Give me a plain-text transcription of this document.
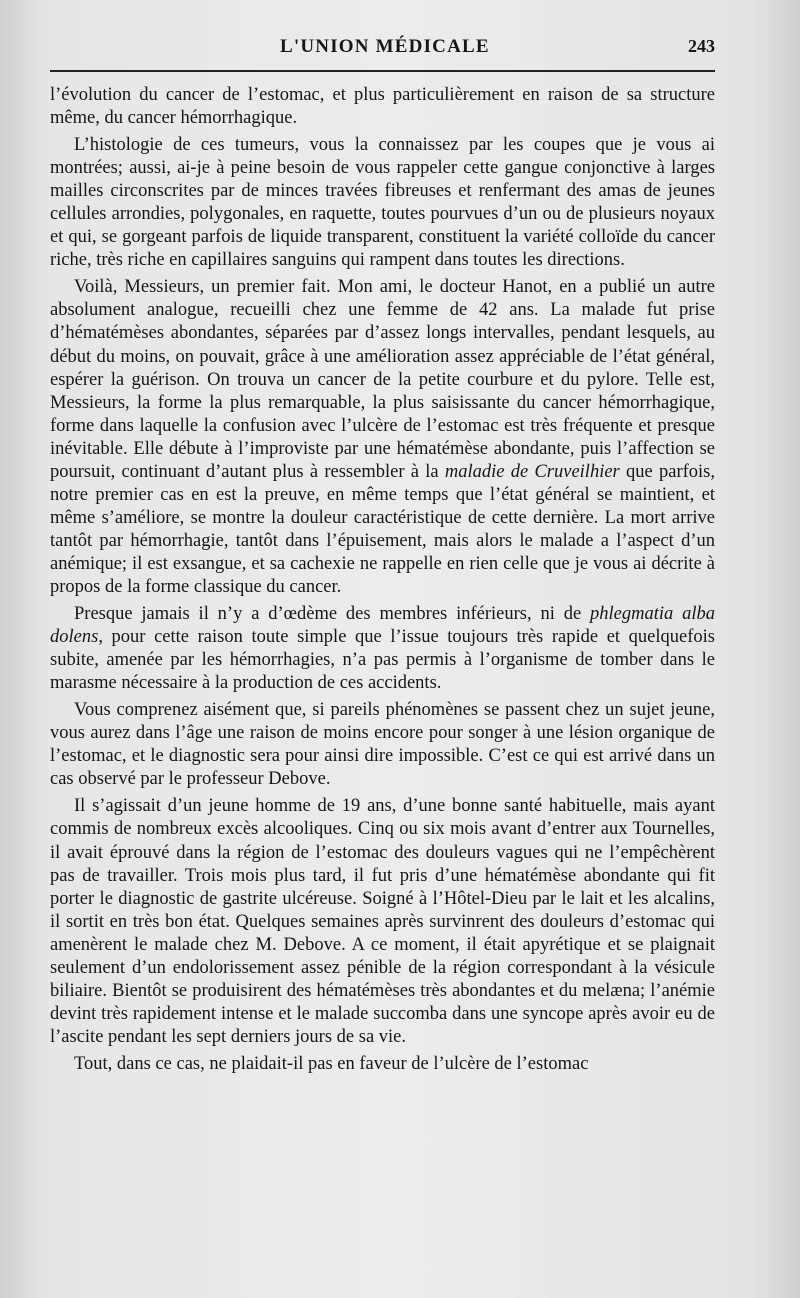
L'UNION MÉDICALE	243

l’évolution du cancer de l’estomac, et plus particulièrement en raison de sa structure même, du cancer hémorrhagique.

L’histologie de ces tumeurs, vous la connaissez par les coupes que je vous ai montrées; aussi, ai-je à peine besoin de vous rappeler cette gangue conjonctive à larges mailles circonscrites par de minces travées fibreuses et renfermant des amas de jeunes cellules arrondies, polygonales, en raquette, toutes pourvues d’un ou de plusieurs noyaux et qui, se gorgeant parfois de liquide transparent, constituent la variété colloïde du cancer riche, très riche en capillaires sanguins qui rampent dans toutes les directions.

Voilà, Messieurs, un premier fait. Mon ami, le docteur Hanot, en a publié un autre absolument analogue, recueilli chez une femme de 42 ans. La malade fut prise d’hématémèses abondantes, séparées par d’assez longs intervalles, pendant lesquels, au début du moins, on pouvait, grâce à une amélioration assez appréciable de l’état général, espérer la guérison. On trouva un cancer de la petite courbure et du pylore. Telle est, Messieurs, la forme la plus remarquable, la plus saisissante du cancer hémorrhagique, forme dans laquelle la confusion avec l’ulcère de l’estomac est très fréquente et presque inévitable. Elle débute à l’improviste par une hématémèse abondante, puis l’affection se poursuit, continuant d’autant plus à ressembler à la maladie de Cruveilhier que parfois, notre premier cas en est la preuve, en même temps que l’état général se maintient, et même s’améliore, se montre la douleur caractéristique de cette dernière. La mort arrive tantôt par hémorrhagie, tantôt dans l’épuisement, mais alors le malade a l’aspect d’un anémique; il est exsangue, et sa cachexie ne rappelle en rien celle que je vous ai décrite à propos de la forme classique du cancer.

Presque jamais il n’y a d’œdème des membres inférieurs, ni de phlegmatia alba dolens, pour cette raison toute simple que l’issue toujours très rapide et quelquefois subite, amenée par les hémorrhagies, n’a pas permis à l’organisme de tomber dans le marasme nécessaire à la production de ces accidents.

Vous comprenez aisément que, si pareils phénomènes se passent chez un sujet jeune, vous aurez dans l’âge une raison de moins encore pour songer à une lésion organique de l’estomac, et le diagnostic sera pour ainsi dire impossible. C’est ce qui est arrivé dans un cas observé par le professeur Debove.

Il s’agissait d’un jeune homme de 19 ans, d’une bonne santé habituelle, mais ayant commis de nombreux excès alcooliques. Cinq ou six mois avant d’entrer aux Tournelles, il avait éprouvé dans la région de l’estomac des douleurs vagues qui ne l’empêchèrent pas de travailler. Trois mois plus tard, il fut pris d’une hématémèse abondante qui fit porter le diagnostic de gastrite ulcéreuse. Soigné à l’Hôtel-Dieu par le lait et les alcalins, il sortit en très bon état. Quelques semaines après survinrent des douleurs d’estomac qui amenèrent le malade chez M. Debove. A ce moment, il était apyrétique et se plaignait seulement d’un endolorissement assez pénible de la région correspondant à la vésicule biliaire. Bientôt se produisirent des hématémèses très abondantes et du melæna; l’anémie devint très rapidement intense et le malade succomba dans une syncope après avoir eu de l’ascite pendant les sept derniers jours de sa vie.

Tout, dans ce cas, ne plaidait-il pas en faveur de l’ulcère de l’estomac
